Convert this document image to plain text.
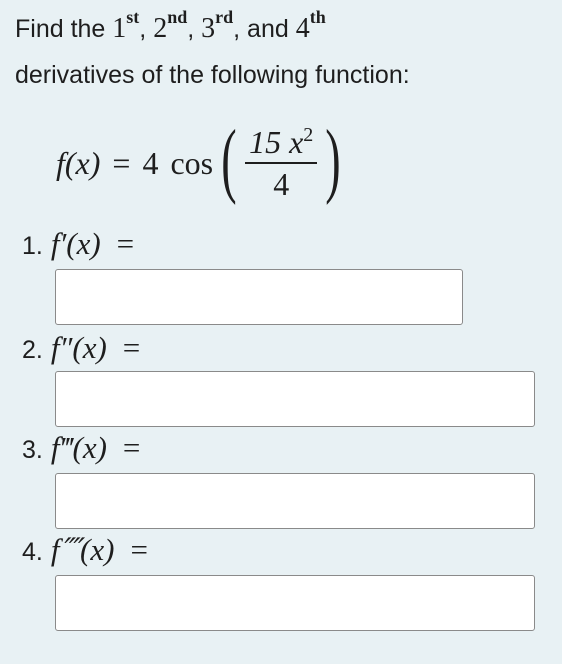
Find the 1st, 2nd, 3rd, and 4th
derivatives of the following function:
f(x) = 4 cos ( $\frac{15 x^2}{4}$ )
1. f′(x) =
2. f″(x) =
3. f‴(x) =
4. f⁗(x) =
